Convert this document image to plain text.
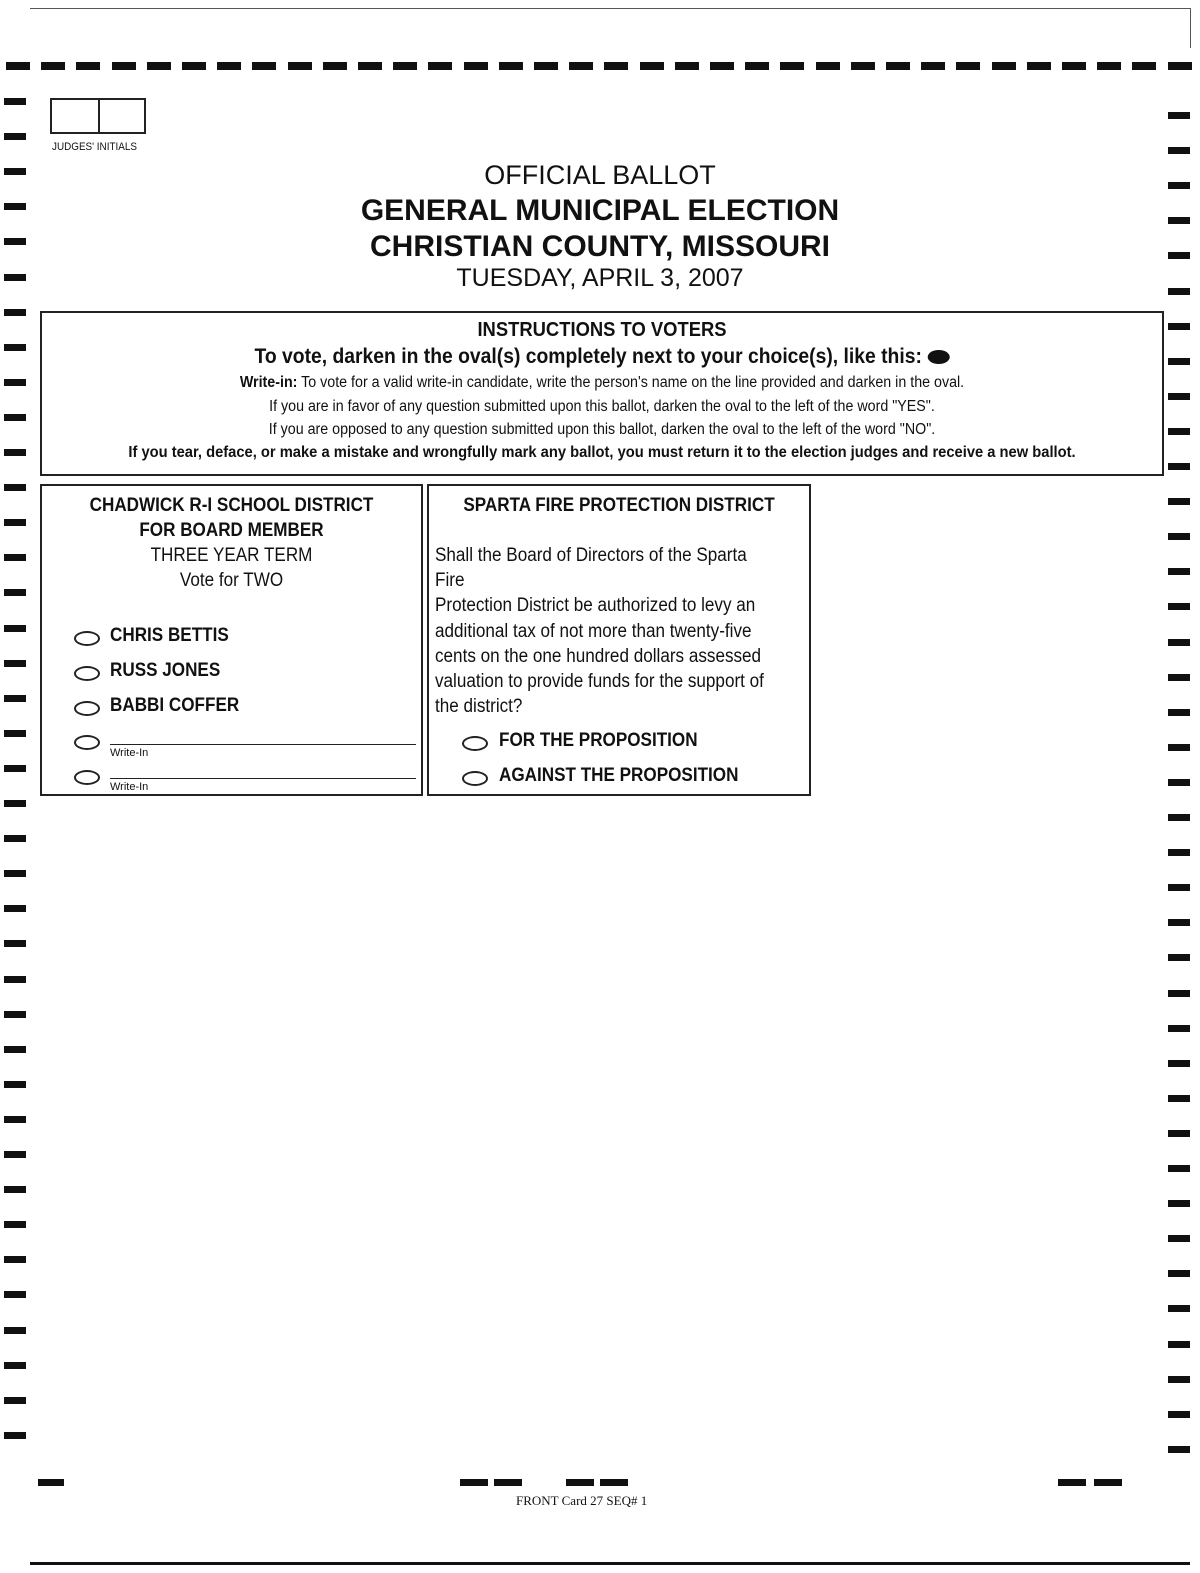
JUDGES' INITIALS
OFFICIAL BALLOT
GENERAL MUNICIPAL ELECTION
CHRISTIAN COUNTY, MISSOURI
TUESDAY, APRIL 3, 2007
INSTRUCTIONS TO VOTERS
To vote, darken in the oval(s) completely next to your choice(s), like this:
Write-in: To vote for a valid write-in candidate, write the person's name on the line provided and darken in the oval.
If you are in favor of any question submitted upon this ballot, darken the oval to the left of the word "YES".
If you are opposed to any question submitted upon this ballot, darken the oval to the left of the word "NO".
If you tear, deface, or make a mistake and wrongfully mark any ballot, you must return it to the election judges and receive a new ballot.
CHADWICK R-I SCHOOL DISTRICT
FOR BOARD MEMBER
THREE YEAR TERM
Vote for TWO
CHRIS BETTIS
RUSS JONES
BABBI COFFER
Write-In
Write-In
SPARTA FIRE PROTECTION DISTRICT
Shall the Board of Directors of the Sparta Fire
Protection District be authorized to levy an
additional tax of not more than twenty-five
cents on the one hundred dollars assessed
valuation to provide funds for the support of
the district?
FOR THE PROPOSITION
AGAINST THE PROPOSITION
FRONT Card 27 SEQ# 1
